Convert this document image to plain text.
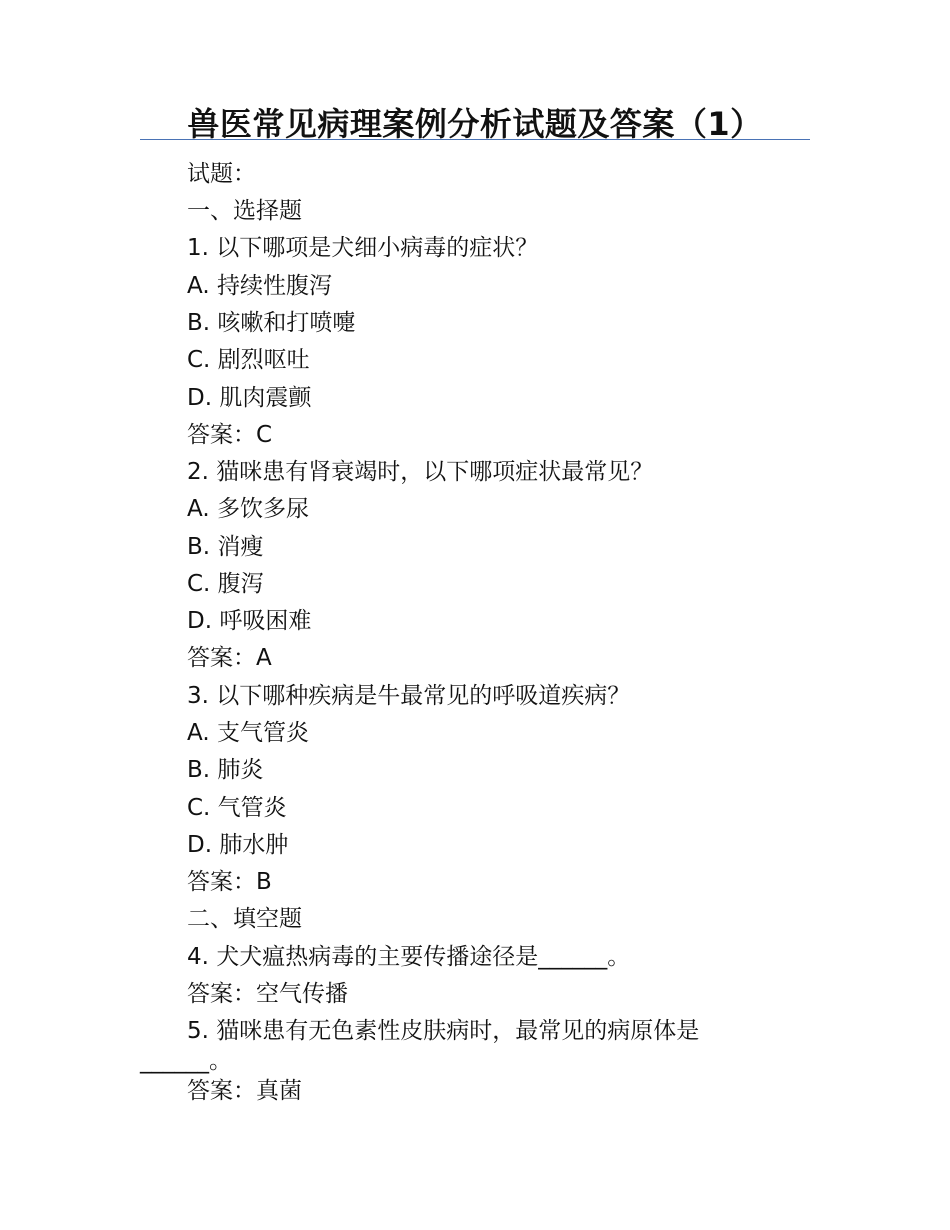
兽医常见病理案例分析试题及答案（1）
试题：
一、选择题
1. 以下哪项是犬细小病毒的症状？
A. 持续性腹泻
B. 咳嗽和打喷嚏
C. 剧烈呕吐
D. 肌肉震颤
答案：C
2. 猫咪患有肾衰竭时，以下哪项症状最常见？
A. 多饮多尿
B. 消瘦
C. 腹泻
D. 呼吸困难
答案：A
3. 以下哪种疾病是牛最常见的呼吸道疾病？
A. 支气管炎
B. 肺炎
C. 气管炎
D. 肺水肿
答案：B
二、填空题
4. 犬犬瘟热病毒的主要传播途径是______。
答案：空气传播
5. 猫咪患有无色素性皮肤病时，最常见的病原体是
______。
答案：真菌
